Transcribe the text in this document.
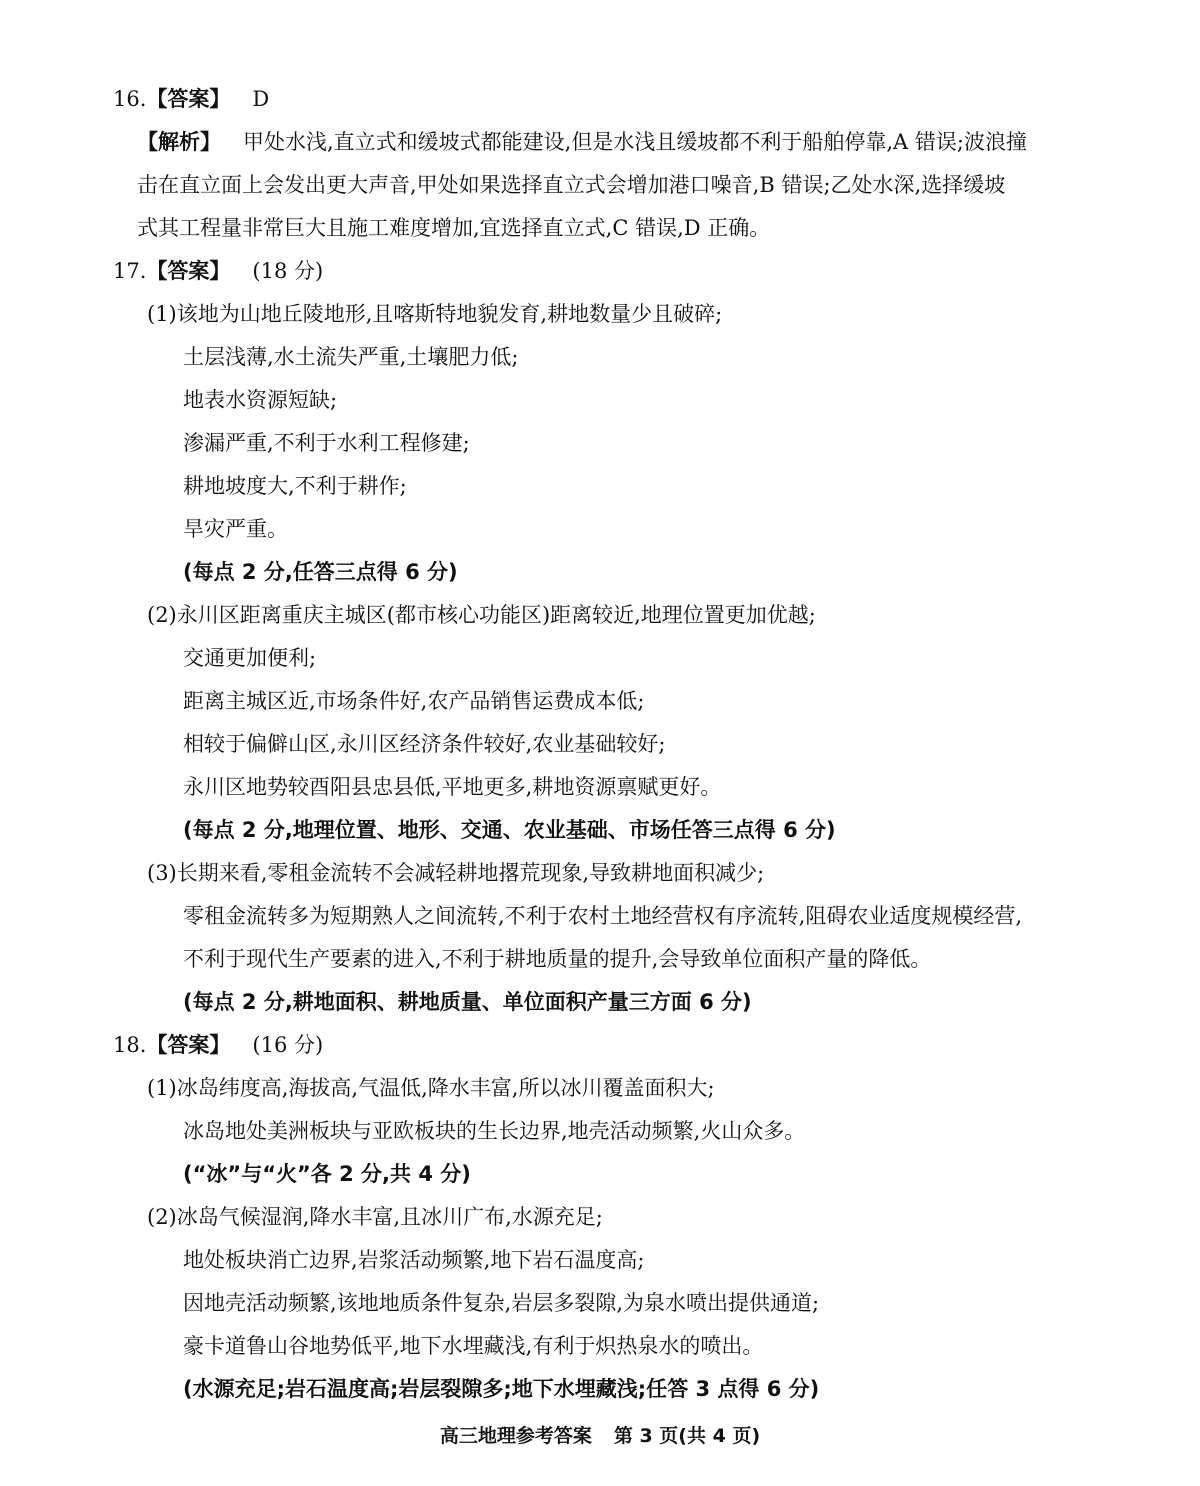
16.【答案】 D
【解析】 甲处水浅,直立式和缓坡式都能建设,但是水浅且缓坡都不利于船舶停靠,A 错误;波浪撞
击在直立面上会发出更大声音,甲处如果选择直立式会增加港口噪音,B 错误;乙处水深,选择缓坡
式其工程量非常巨大且施工难度增加,宜选择直立式,C 错误,D 正确。
17.【答案】 (18 分)
(1)该地为山地丘陵地形,且喀斯特地貌发育,耕地数量少且破碎;
土层浅薄,水土流失严重,土壤肥力低;
地表水资源短缺;
渗漏严重,不利于水利工程修建;
耕地坡度大,不利于耕作;
旱灾严重。
(每点 2 分,任答三点得 6 分)
(2)永川区距离重庆主城区(都市核心功能区)距离较近,地理位置更加优越;
交通更加便利;
距离主城区近,市场条件好,农产品销售运费成本低;
相较于偏僻山区,永川区经济条件较好,农业基础较好;
永川区地势较酉阳县忠县低,平地更多,耕地资源禀赋更好。
(每点 2 分,地理位置、地形、交通、农业基础、市场任答三点得 6 分)
(3)长期来看,零租金流转不会减轻耕地撂荒现象,导致耕地面积减少;
零租金流转多为短期熟人之间流转,不利于农村土地经营权有序流转,阻碍农业适度规模经营,
不利于现代生产要素的进入,不利于耕地质量的提升,会导致单位面积产量的降低。
(每点 2 分,耕地面积、耕地质量、单位面积产量三方面 6 分)
18.【答案】 (16 分)
(1)冰岛纬度高,海拔高,气温低,降水丰富,所以冰川覆盖面积大;
冰岛地处美洲板块与亚欧板块的生长边界,地壳活动频繁,火山众多。
(“冰”与“火”各 2 分,共 4 分)
(2)冰岛气候湿润,降水丰富,且冰川广布,水源充足;
地处板块消亡边界,岩浆活动频繁,地下岩石温度高;
因地壳活动频繁,该地地质条件复杂,岩层多裂隙,为泉水喷出提供通道;
豪卡道鲁山谷地势低平,地下水埋藏浅,有利于炽热泉水的喷出。
(水源充足;岩石温度高;岩层裂隙多;地下水埋藏浅;任答 3 点得 6 分)
高三地理参考答案 第 3 页(共 4 页)
